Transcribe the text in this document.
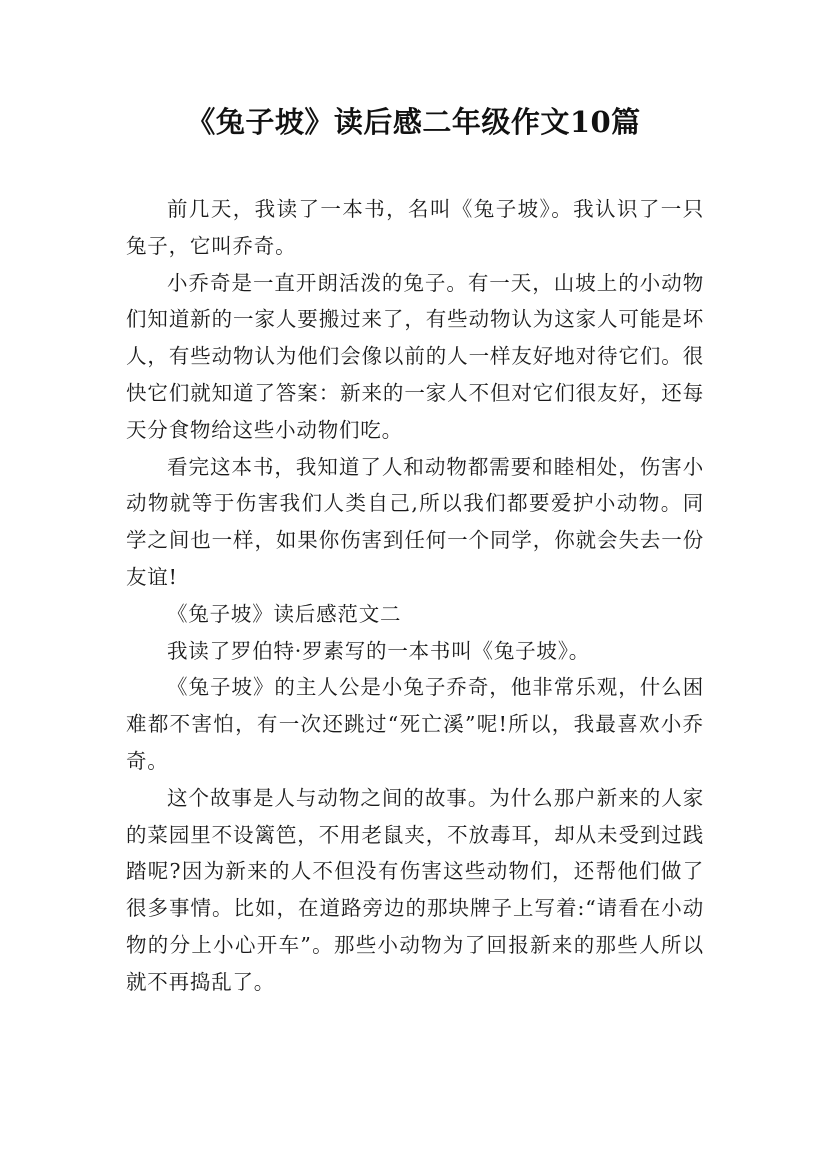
《兔子坡》读后感二年级作文10篇

前几天，我读了一本书，名叫《兔子坡》。我认识了一只兔子，它叫乔奇。

小乔奇是一直开朗活泼的兔子。有一天，山坡上的小动物们知道新的一家人要搬过来了，有些动物认为这家人可能是坏人，有些动物认为他们会像以前的人一样友好地对待它们。很快它们就知道了答案：新来的一家人不但对它们很友好，还每天分食物给这些小动物们吃。

看完这本书，我知道了人和动物都需要和睦相处，伤害小动物就等于伤害我们人类自己,所以我们都要爱护小动物。同学之间也一样，如果你伤害到任何一个同学，你就会失去一份友谊!

《兔子坡》读后感范文二

我读了罗伯特·罗素写的一本书叫《兔子坡》。

《兔子坡》的主人公是小兔子乔奇，他非常乐观，什么困难都不害怕，有一次还跳过“死亡溪”呢!所以，我最喜欢小乔奇。

这个故事是人与动物之间的故事。为什么那户新来的人家的菜园里不设篱笆，不用老鼠夹，不放毒耳，却从未受到过践踏呢?因为新来的人不但没有伤害这些动物们，还帮他们做了很多事情。比如，在道路旁边的那块牌子上写着:“请看在小动物的分上小心开车”。那些小动物为了回报新来的那些人所以就不再捣乱了。
